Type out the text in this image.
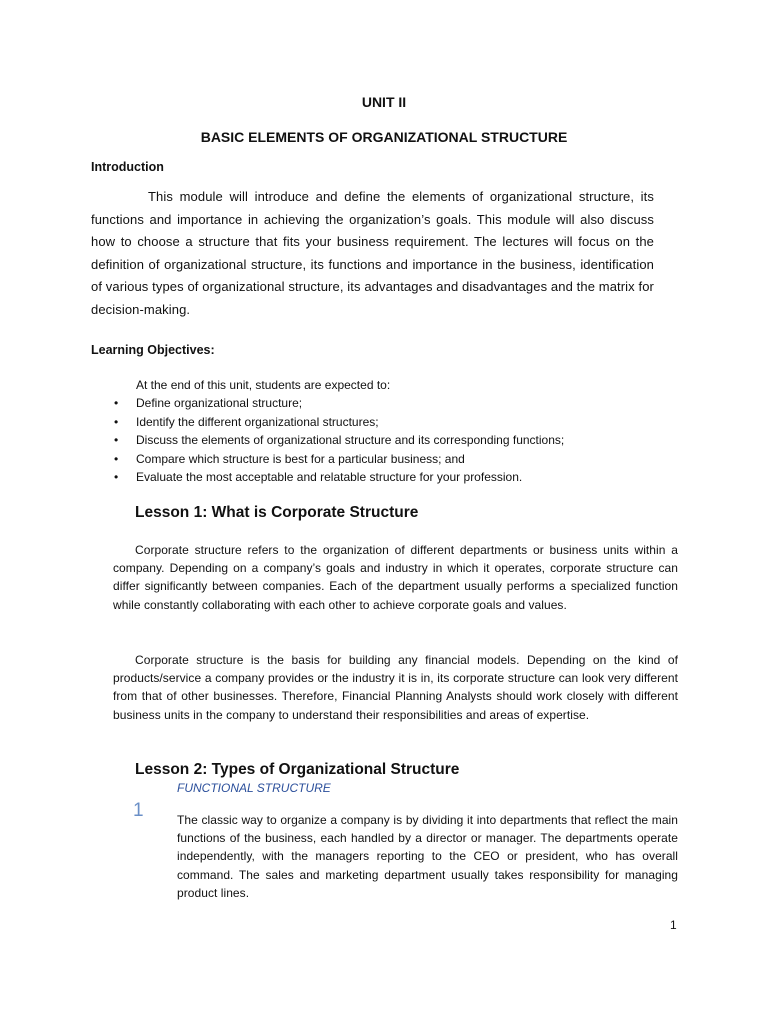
UNIT II
BASIC ELEMENTS OF ORGANIZATIONAL STRUCTURE
Introduction

This module will introduce and define the elements of organizational structure, its functions and importance in achieving the organization’s goals. This module will also discuss how to choose a structure that fits your business requirement. The lectures will focus on the definition of organizational structure, its functions and importance in the business, identification of various types of organizational structure, its advantages and disadvantages and the matrix for decision-making.

Learning Objectives:
At the end of this unit, students are expected to:
• Define organizational structure;
• Identify the different organizational structures;
• Discuss the elements of organizational structure and its corresponding functions;
• Compare which structure is best for a particular business; and
• Evaluate the most acceptable and relatable structure for your profession.
Lesson 1: What is Corporate Structure

Corporate structure refers to the organization of different departments or business units within a company. Depending on a company’s goals and industry in which it operates, corporate structure can differ significantly between companies. Each of the department usually performs a specialized function while constantly collaborating with each other to achieve corporate goals and values.

Corporate structure is the basis for building any financial models. Depending on the kind of products/service a company provides or the industry it is in, its corporate structure can look very different from that of other businesses. Therefore, Financial Planning Analysts should work closely with different business units in the company to understand their responsibilities and areas of expertise.

Lesson 2: Types of Organizational Structure
FUNCTIONAL STRUCTURE
1	The classic way to organize a company is by dividing it into departments that reflect the main functions of the business, each handled by a director or manager. The departments operate independently, with the managers reporting to the CEO or president, who has overall command. The sales and marketing department usually takes responsibility for managing product lines.

1
